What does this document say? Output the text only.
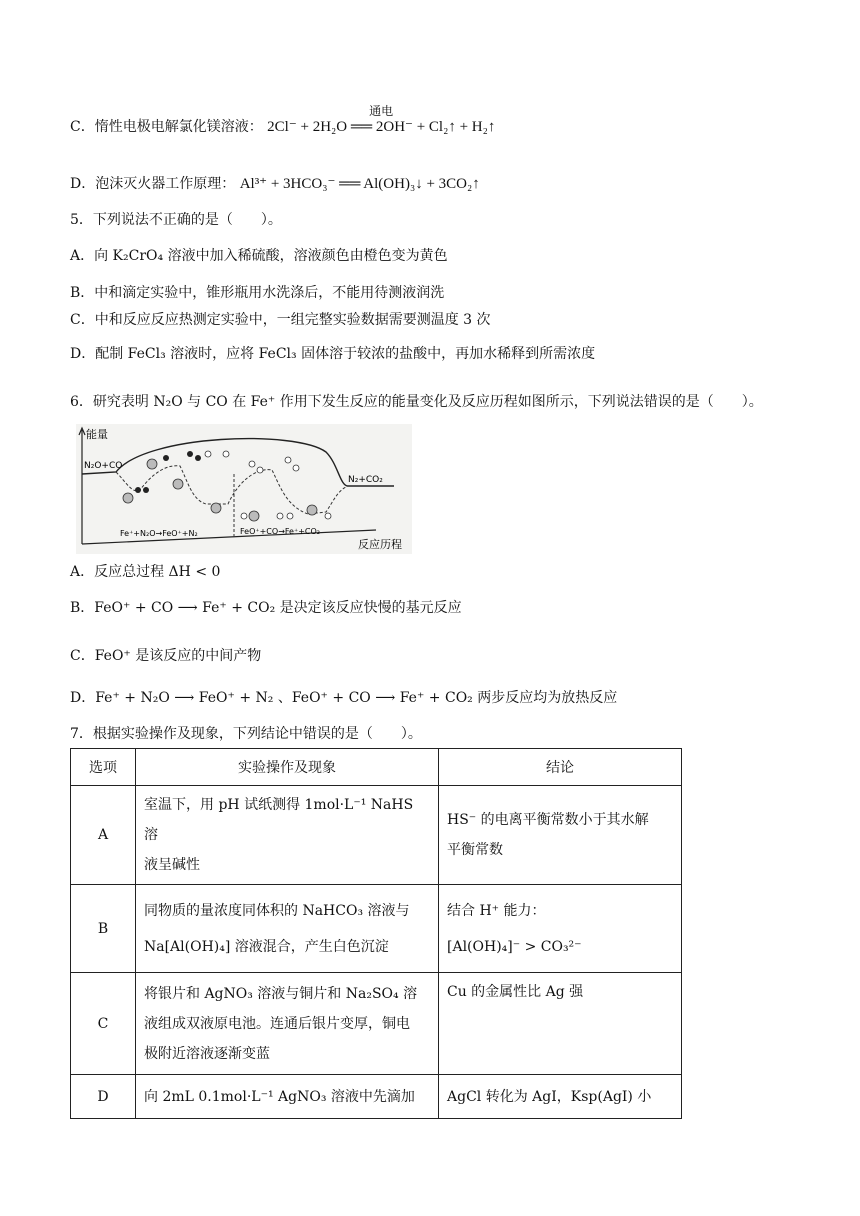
C．惰性电极电解氯化镁溶液：
通电
2Cl⁻ + 2H₂O ══ 2OH⁻ + Cl₂↑ + H₂↑
D．泡沫灭火器工作原理： Al³⁺ + 3HCO₃⁻ ══ Al(OH)₃↓ + 3CO₂↑
5．下列说法不正确的是（　　）。
A．向 K₂CrO₄ 溶液中加入稀硫酸，溶液颜色由橙色变为黄色
B．中和滴定实验中，锥形瓶用水洗涤后，不能用待测液润洗
C．中和反应反应热测定实验中，一组完整实验数据需要测温度 3 次
D．配制 FeCl₃ 溶液时，应将 FeCl₃ 固体溶于较浓的盐酸中，再加水稀释到所需浓度
6．研究表明 N₂O 与 CO 在 Fe⁺ 作用下发生反应的能量变化及反应历程如图所示，下列说法错误的是（　　）。
能量
反应历程
N₂O+CO
N₂+CO₂
Fe⁺+N₂O→FeO⁺+N₂	FeO⁺+CO→Fe⁺+CO₂
A．反应总过程 ΔH < 0
B．FeO⁺ + CO ⟶ Fe⁺ + CO₂ 是决定该反应快慢的基元反应
C．FeO⁺ 是该反应的中间产物
D．Fe⁺ + N₂O ⟶ FeO⁺ + N₂ 、FeO⁺ + CO ⟶ Fe⁺ + CO₂ 两步反应均为放热反应
7．根据实验操作及现象，下列结论中错误的是（　　）。
选项	实验操作及现象	结论
A	室温下，用 pH 试纸测得 1mol·L⁻¹ NaHS 溶
液呈碱性	HS⁻ 的电离平衡常数小于其水解
平衡常数

B	同物质的量浓度同体积的 NaHCO₃ 溶液与
Na[Al(OH)₄] 溶液混合，产生白色沉淀	结合 H⁺ 能力：
[Al(OH)₄]⁻ > CO₃²⁻

C	将银片和 AgNO₃ 溶液与铜片和 Na₂SO₄ 溶
液组成双液原电池。连通后银片变厚，铜电
极附近溶液逐渐变蓝	Cu 的金属性比 Ag 强

D	向 2mL 0.1mol·L⁻¹ AgNO₃ 溶液中先滴加	AgCl 转化为 AgI，Ksp(AgI) 小
